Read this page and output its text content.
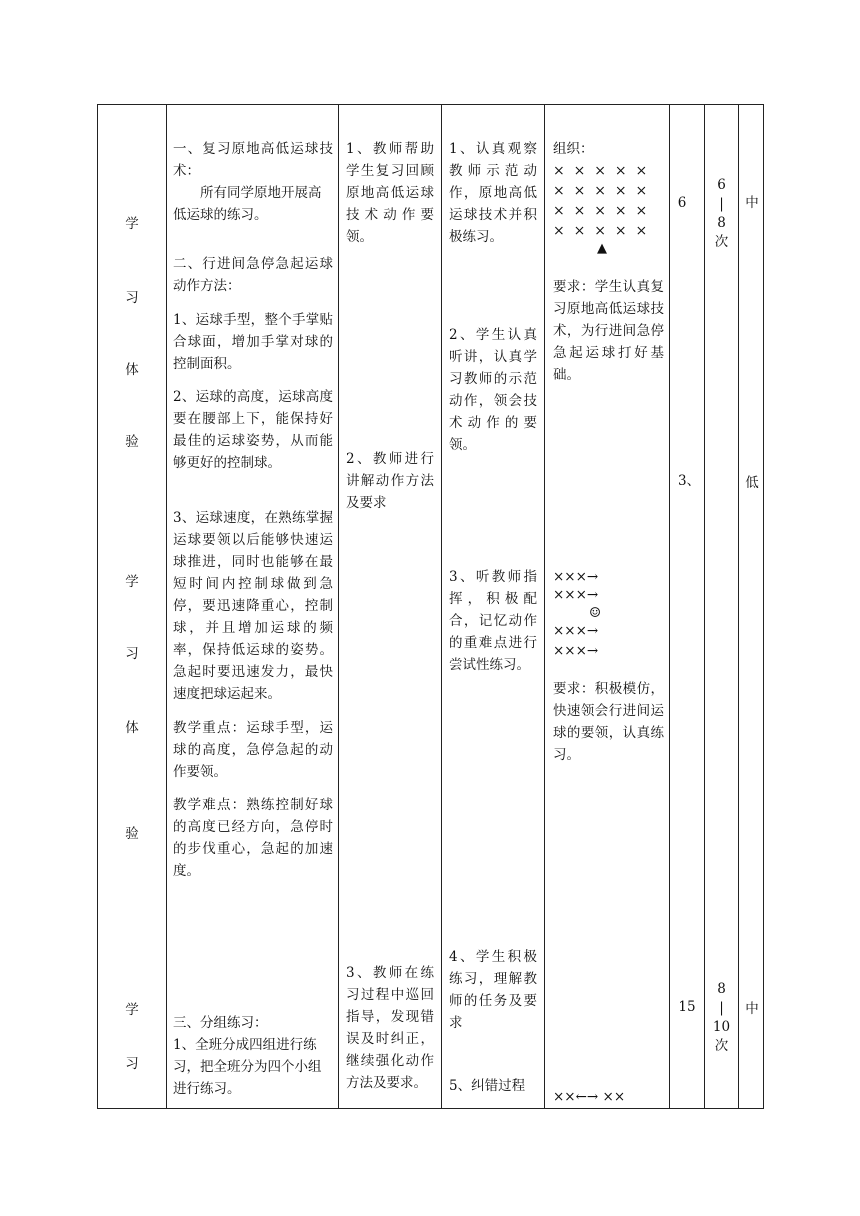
学
习
体
验
学
习
体
验
学
习
一、复习原地高低运球技术：
所有同学原地开展高低运球的练习。
二、行进间急停急起运球动作方法：
1、运球手型，整个手掌贴合球面，增加手掌对球的控制面积。
2、运球的高度，运球高度要在腰部上下，能保持好最佳的运球姿势，从而能够更好的控制球。
3、运球速度，在熟练掌握运球要领以后能够快速运球推进，同时也能够在最短时间内控制球做到急停，要迅速降重心，控制球，并且增加运球的频率，保持低运球的姿势。急起时要迅速发力，最快速度把球运起来。
教学重点：运球手型，运球的高度，急停急起的动作要领。
教学难点：熟练控制好球的高度已经方向，急停时的步伐重心，急起的加速度。
三、分组练习：
1、全班分成四组进行练习，把全班分为四个小组进行练习。
1、教师帮助学生复习回顾原地高低运球技术动作要领。
2、教师进行讲解动作方法及要求
3、教师在练习过程中巡回指导，发现错误及时纠正，继续强化动作方法及要求。
1、认真观察教师示范动作，原地高低运球技术并积极练习。
2、学生认真听讲，认真学习教师的示范动作，领会技术动作的要领。
3、听教师指挥，积极配合，记忆动作的重难点进行尝试性练习。
4、学生积极练习，理解教师的任务及要求
5、纠错过程
组织：
×  ×  ×  ×  ×
×  ×  ×  ×  ×
×  ×  ×  ×  ×
×  ×  ×  ×  ×
▲
要求：学生认真复习原地高低运球技术，为行进间急停急起运球打好基础。
×××→
×××→
☺
×××→
×××→
要求：积极模仿，快速领会行进间运球的要领，认真练习。
××←→ ××
6
3、
15
6
|
8
次
8
|
10
次
中
低
中
